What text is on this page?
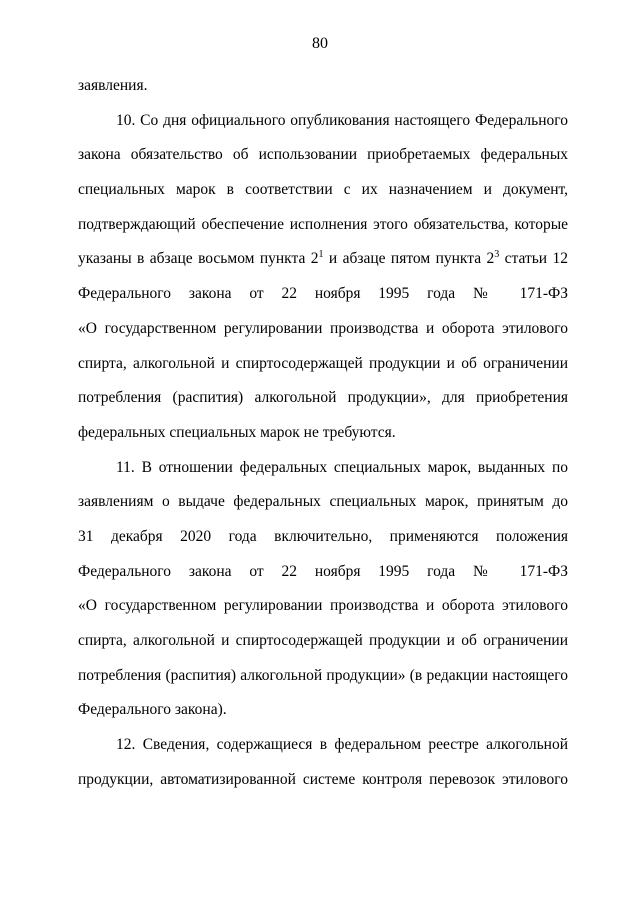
80
заявления.
10. Со дня официального опубликования настоящего Федерального
закона обязательство об использовании приобретаемых федеральных
специальных марок в соответствии с их назначением и документ,
подтверждающий обеспечение исполнения этого обязательства, которые
указаны в абзаце восьмом пункта $2^1$ и абзаце пятом пункта $2^3$ статьи 12
Федерального закона от 22 ноября 1995 года № 171-ФЗ
«О государственном регулировании производства и оборота этилового
спирта, алкогольной и спиртосодержащей продукции и об ограничении
потребления (распития) алкогольной продукции», для приобретения
федеральных специальных марок не требуются.
11. В отношении федеральных специальных марок, выданных по
заявлениям о выдаче федеральных специальных марок, принятым до
31 декабря 2020 года включительно, применяются положения
Федерального закона от 22 ноября 1995 года № 171-ФЗ
«О государственном регулировании производства и оборота этилового
спирта, алкогольной и спиртосодержащей продукции и об ограничении
потребления (распития) алкогольной продукции» (в редакции настоящего
Федерального закона).
12. Сведения, содержащиеся в федеральном реестре алкогольной
продукции, автоматизированной системе контроля перевозок этилового
